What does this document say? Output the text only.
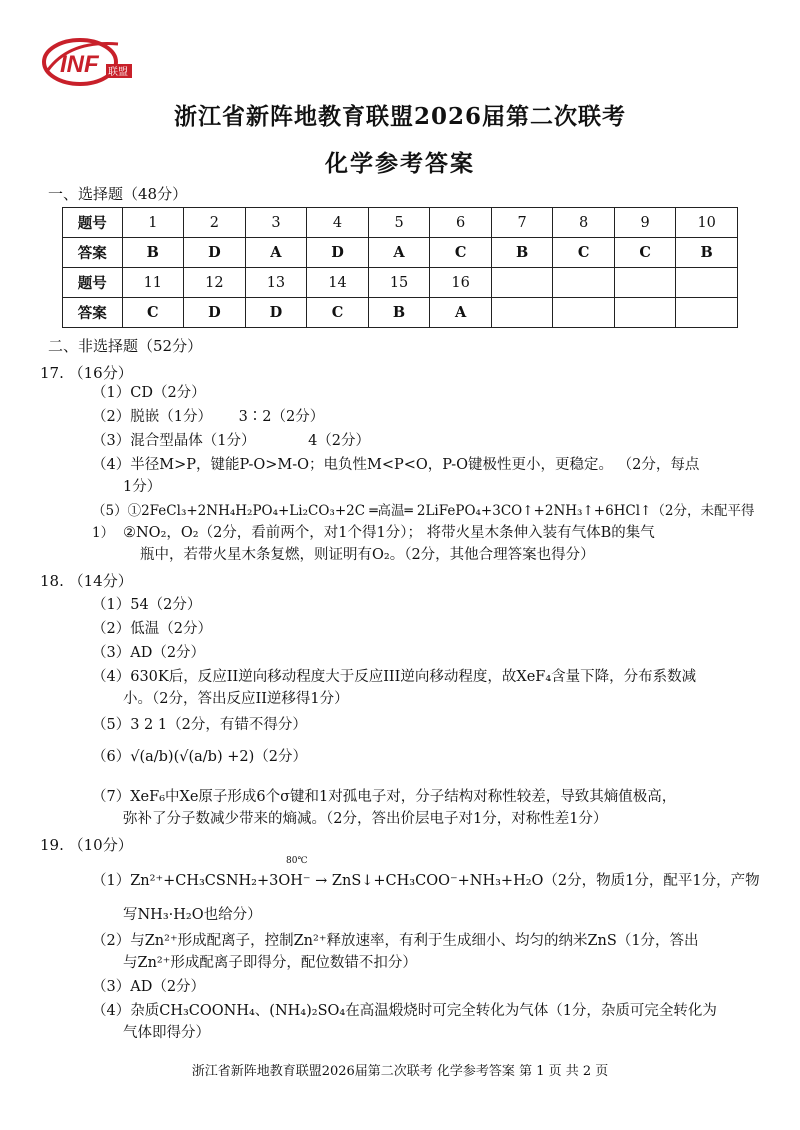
INF 联盟
浙江省新阵地教育联盟2026届第二次联考
化学参考答案
一、选择题（48分）
题号	1	2	3	4	5	6	7	8	9	10
答案	B	D	A	D	A	C	B	C	C	B
题号	11	12	13	14	15	16				
答案	C	D	D	C	B	A				
二、非选择题（52分）
17. （16分）
（1）CD（2分）
（2）脱嵌（1分） 3∶2（2分）
（3）混合型晶体（1分）	4（2分）
（4）半径M>P，键能P-O>M-O；电负性M<P<O，P-O键极性更小，更稳定。 （2分，每点
1分）
（5）①2FeCl₃+2NH₄H₂PO₄+Li₂CO₃+2C ═高温═ 2LiFePO₄+3CO↑+2NH₃↑+6HCl↑（2分，未配平得1） ②NO₂，O₂（2分，看前两个，对1个得1分）； 将带火星木条伸入装有气体B的集气
瓶中，若带火星木条复燃，则证明有O₂。（2分，其他合理答案也得分）
18. （14分）
（1）54（2分）
（2）低温（2分）
（3）AD（2分）
（4）630K后，反应II逆向移动程度大于反应III逆向移动程度，故XeF₄含量下降，分布系数减
小。（2分，答出反应II逆移得1分）
（5）3 2 1（2分，有错不得分）
（6）√(a/b)(√(a/b) +2)（2分）
（7）XeF₆中Xe原子形成6个σ键和1对孤电子对，分子结构对称性较差，导致其熵值极高，
弥补了分子数减少带来的熵减。（2分，答出价层电子对1分，对称性差1分）
19. （10分）
80℃
（1）Zn²⁺+CH₃CSNH₂+3OH⁻ → ZnS↓+CH₃COO⁻+NH₃+H₂O（2分，物质1分，配平1分，产物
写NH₃·H₂O也给分）
（2）与Zn²⁺形成配离子，控制Zn²⁺释放速率，有利于生成细小、均匀的纳米ZnS（1分，答出
与Zn²⁺形成配离子即得分，配位数错不扣分）
（3）AD（2分）
（4）杂质CH₃COONH₄、(NH₄)₂SO₄在高温煅烧时可完全转化为气体（1分，杂质可完全转化为
气体即得分）
浙江省新阵地教育联盟2026届第二次联考 化学参考答案 第 1 页 共 2 页
